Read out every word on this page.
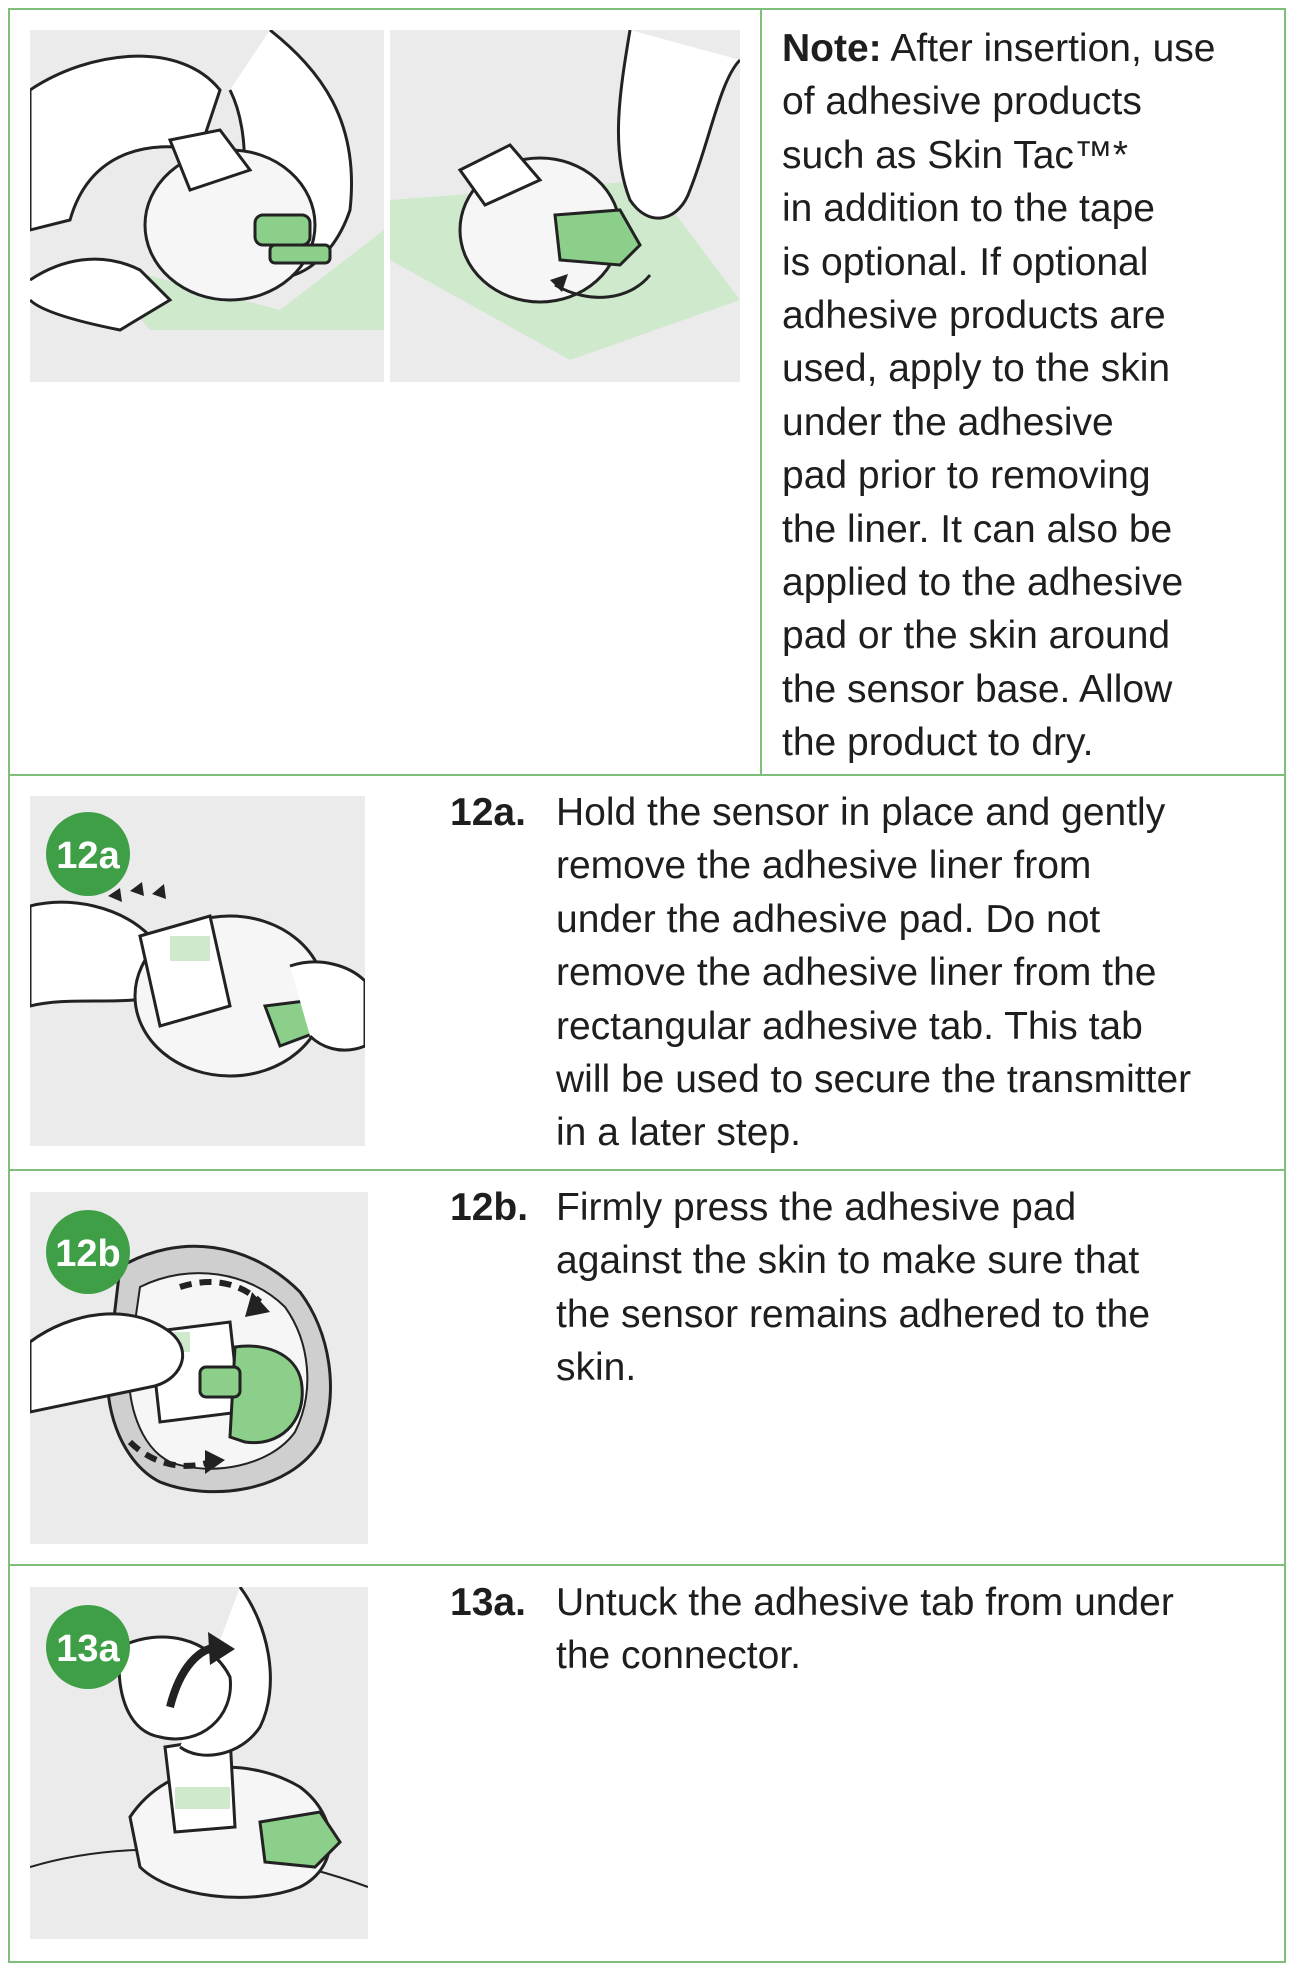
Note: After insertion, use
of adhesive products
such as Skin Tac™*
in addition to the tape
is optional. If optional
adhesive products are
used, apply to the skin
under the adhesive
pad prior to removing
the liner. It can also be
applied to the adhesive
pad or the skin around
the sensor base. Allow
the product to dry.
12a
12a. Hold the sensor in place and gently
remove the adhesive liner from
under the adhesive pad. Do not
remove the adhesive liner from the
rectangular adhesive tab. This tab
will be used to secure the transmitter
in a later step.
12b
12b. Firmly press the adhesive pad
against the skin to make sure that
the sensor remains adhered to the
skin.
13a
13a. Untuck the adhesive tab from under
the connector.
